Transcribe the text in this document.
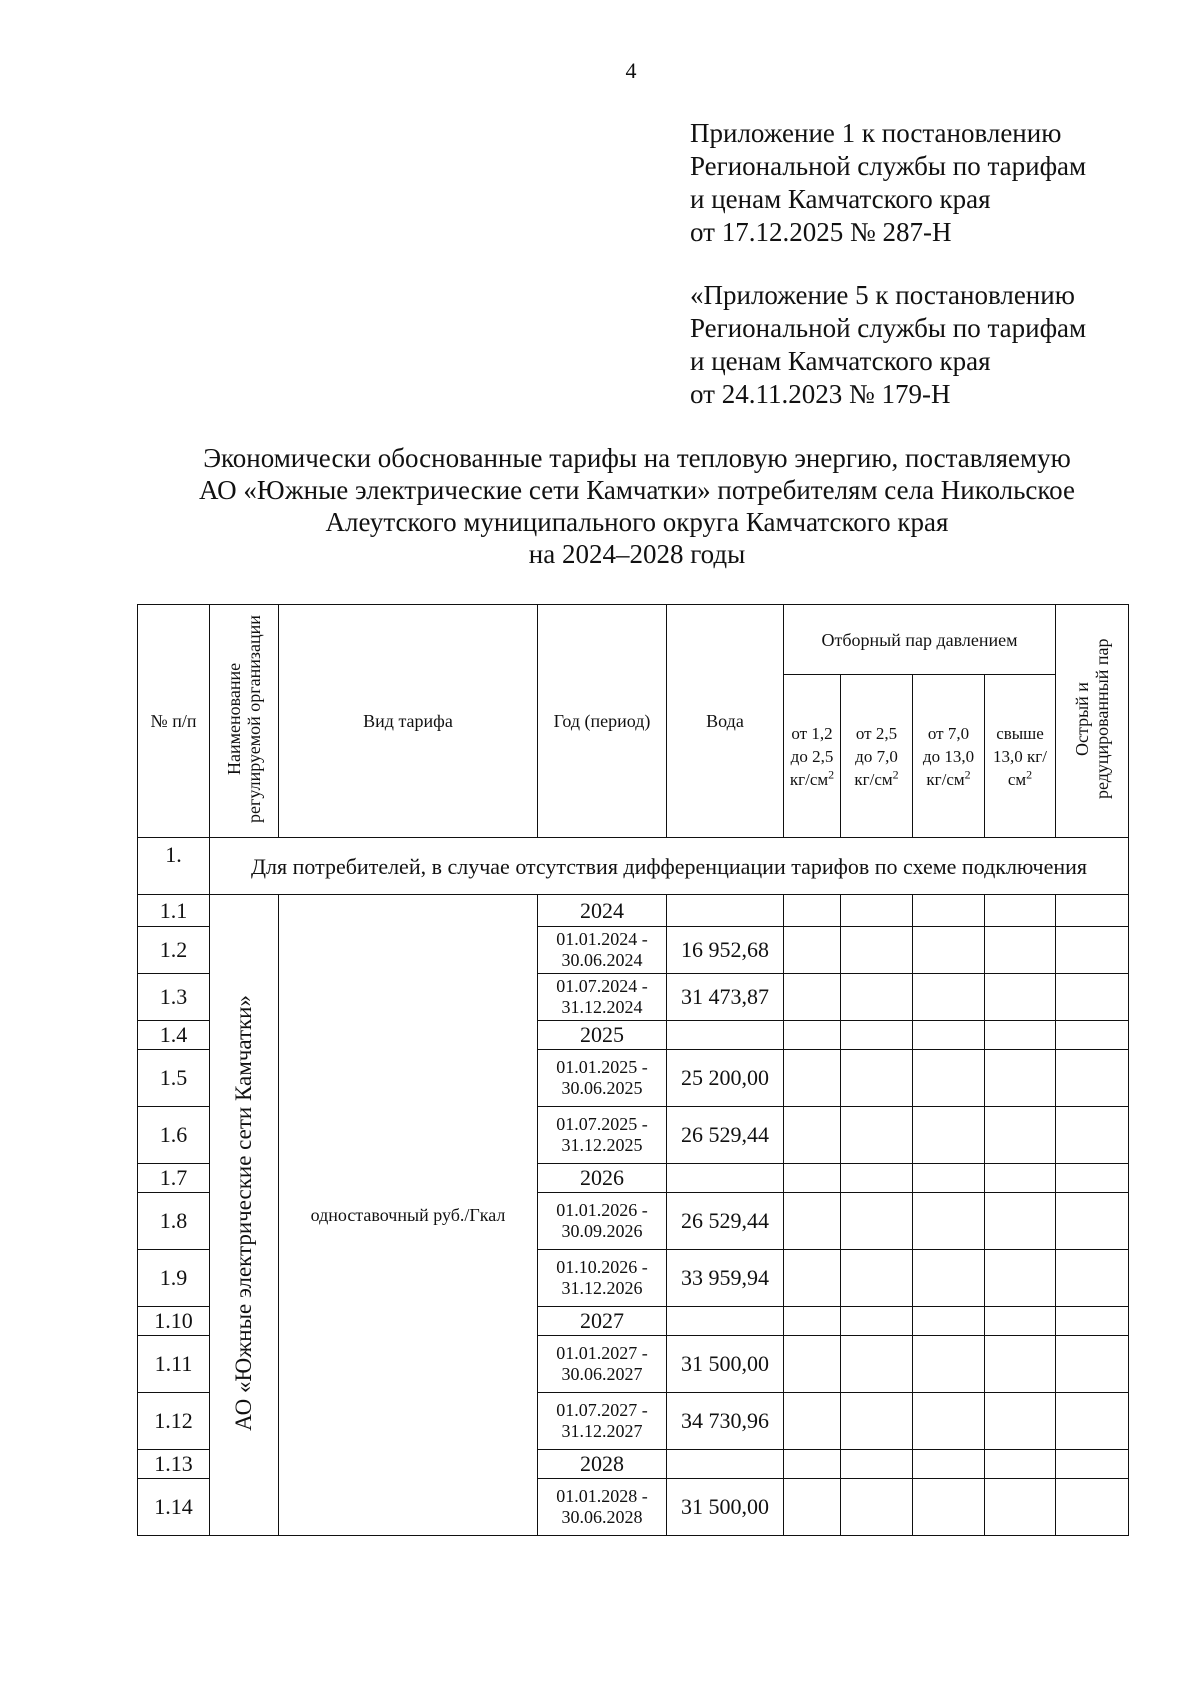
4
Приложение 1 к постановлению
Региональной службы по тарифам
и ценам Камчатского края
от 17.12.2025 № 287-Н
«Приложение 5 к постановлению
Региональной службы по тарифам
и ценам Камчатского края
от 24.11.2023 № 179-Н
Экономически обоснованные тарифы на тепловую энергию, поставляемую
АО «Южные электрические сети Камчатки» потребителям села Никольское
Алеутского муниципального округа Камчатского края
на 2024–2028 годы
№ п/п	Наименование регулируемой организации	Вид тарифа	Год (период)	Вода	Отборный пар давлением				Острый и редуцированный пар
					от 1,2 до 2,5 $кг/см^2$	от 2,5 до 7,0 $кг/см^2$	от 7,0 до 13,0 $кг/см^2$	свыше 13,0 $кг/см^2$
1.	Для потребителей, в случае отсутствия дифференциации тарифов по схеме подключения								
1.1	АО «Южные электрические сети Камчатки»	одноставочный руб./Гкал	2024						
1.2			01.01.2024 - 30.06.2024	16 952,68					
1.3			01.07.2024 - 31.12.2024	31 473,87					
1.4			2025						
1.5			01.01.2025 - 30.06.2025	25 200,00					
1.6			01.07.2025 - 31.12.2025	26 529,44					
1.7			2026						
1.8			01.01.2026 - 30.09.2026	26 529,44					
1.9			01.10.2026 - 31.12.2026	33 959,94					
1.10			2027						
1.11			01.01.2027 - 30.06.2027	31 500,00					
1.12			01.07.2027 - 31.12.2027	34 730,96					
1.13			2028						
1.14			01.01.2028 - 30.06.2028	31 500,00					
